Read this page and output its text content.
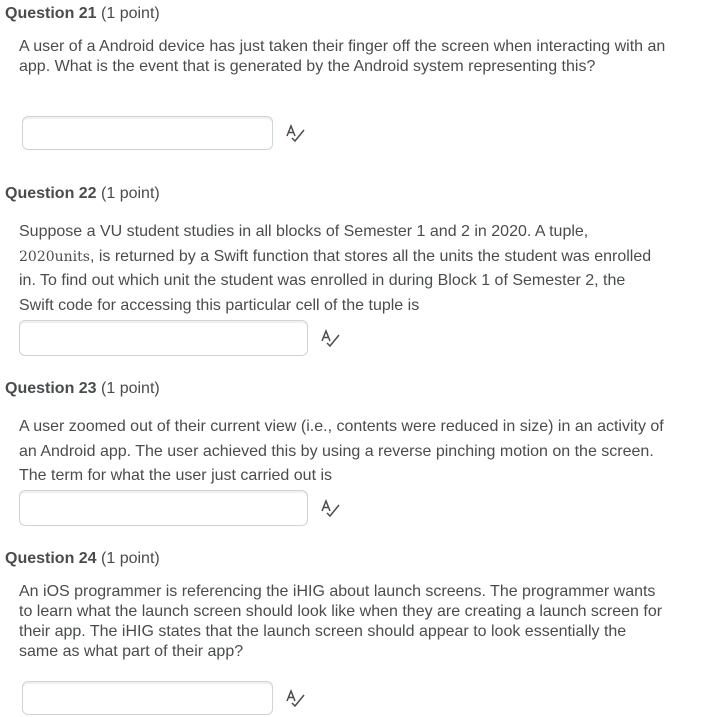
Question 21 (1 point)
A user of a Android device has just taken their finger off the screen when interacting with an app. What is the event that is generated by the Android system representing this?
Question 22 (1 point)
Suppose a VU student studies in all blocks of Semester 1 and 2 in 2020. A tuple, 2020units, is returned by a Swift function that stores all the units the student was enrolled in. To find out which unit the student was enrolled in during Block 1 of Semester 2, the Swift code for accessing this particular cell of the tuple is
Question 23 (1 point)
A user zoomed out of their current view (i.e., contents were reduced in size) in an activity of an Android app. The user achieved this by using a reverse pinching motion on the screen. The term for what the user just carried out is
Question 24 (1 point)
An iOS programmer is referencing the iHIG about launch screens. The programmer wants to learn what the launch screen should look like when they are creating a launch screen for their app. The iHIG states that the launch screen should appear to look essentially the same as what part of their app?
